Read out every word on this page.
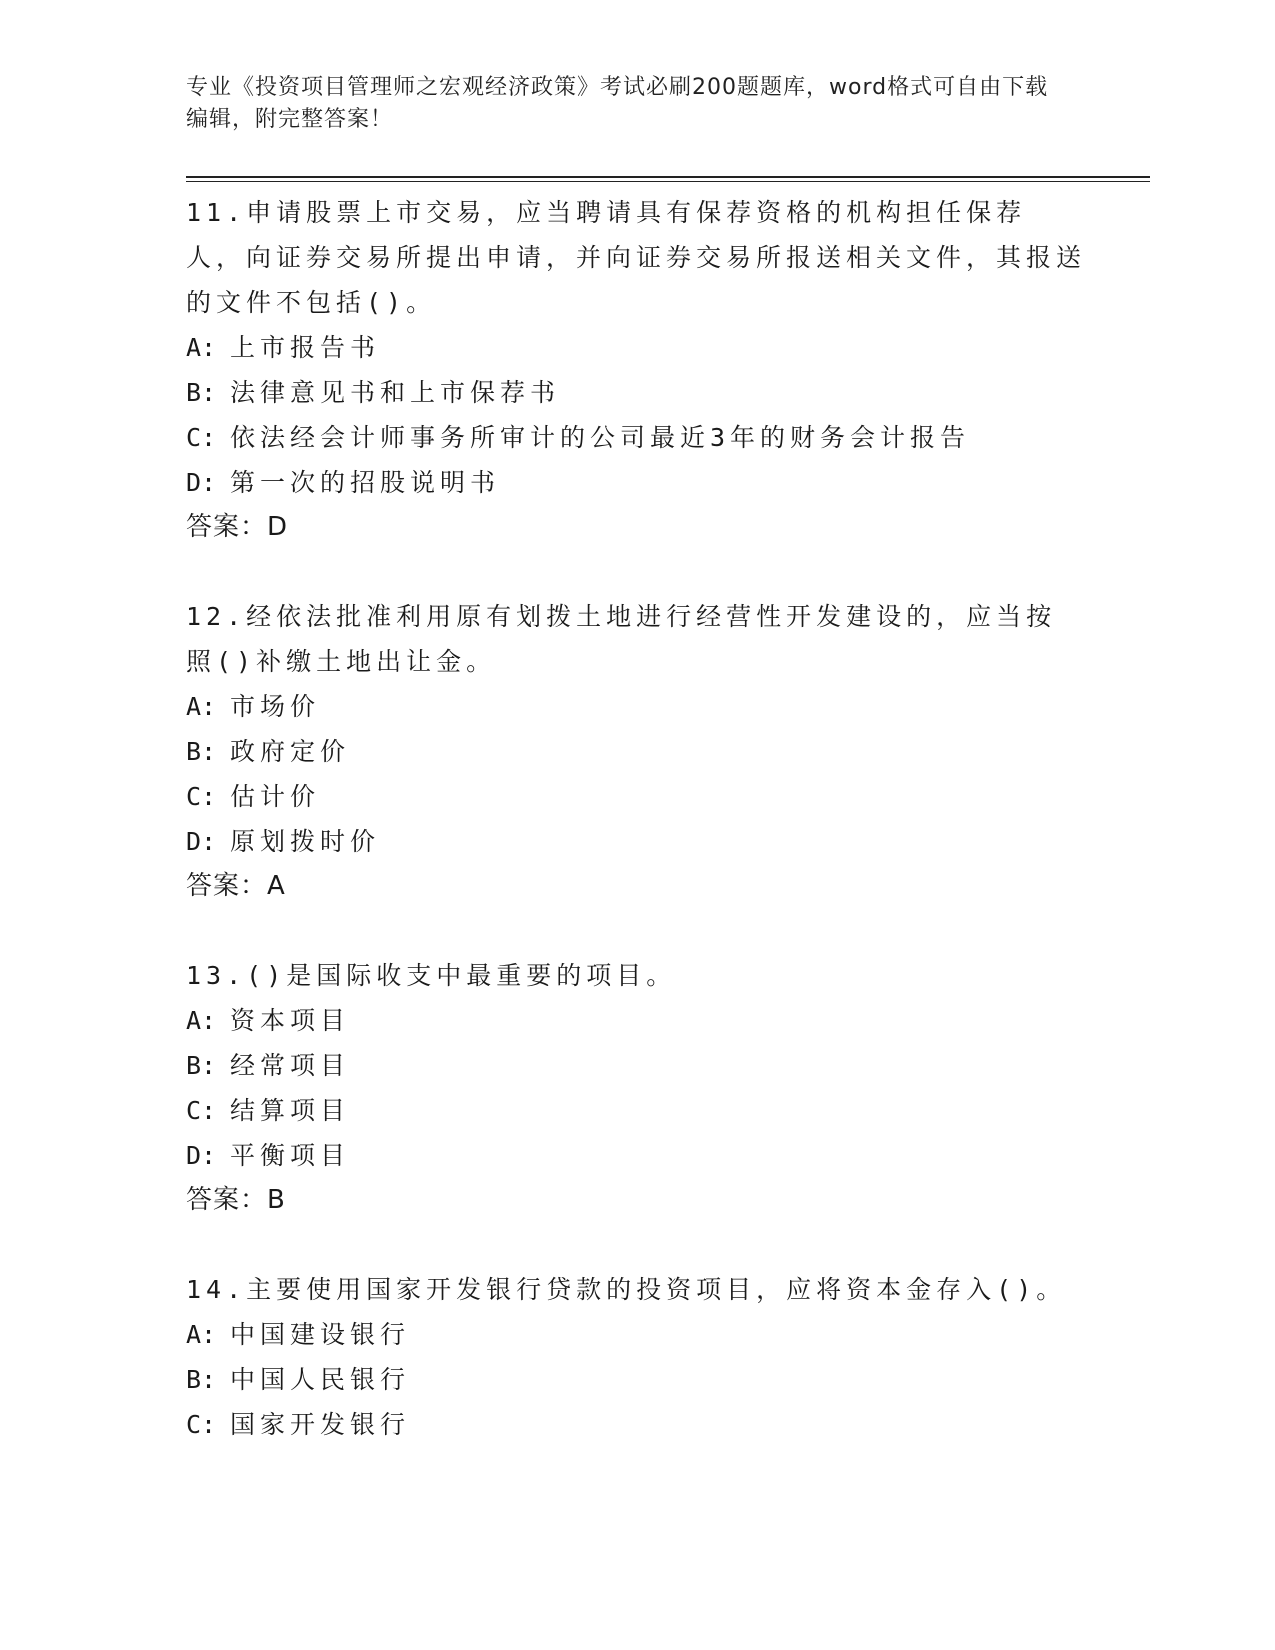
专业《投资项目管理师之宏观经济政策》考试必刷200题题库，word格式可自由下载编辑，附完整答案！

11.申请股票上市交易，应当聘请具有保荐资格的机构担任保荐人，向证券交易所提出申请，并向证券交易所报送相关文件，其报送的文件不包括()。

A: 上市报告书

B: 法律意见书和上市保荐书

C: 依法经会计师事务所审计的公司最近3年的财务会计报告

D: 第一次的招股说明书

答案：D

12.经依法批准利用原有划拨土地进行经营性开发建设的，应当按照()补缴土地出让金。

A: 市场价

B: 政府定价

C: 估计价

D: 原划拨时价

答案：A

13.()是国际收支中最重要的项目。

A: 资本项目

B: 经常项目

C: 结算项目

D: 平衡项目

答案：B

14.主要使用国家开发银行贷款的投资项目，应将资本金存入()。

A: 中国建设银行

B: 中国人民银行

C: 国家开发银行
